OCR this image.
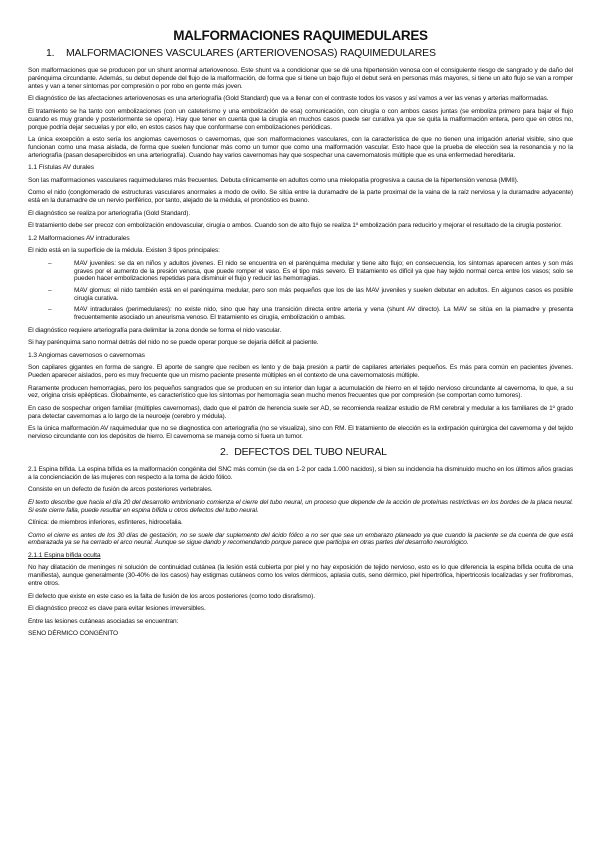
MALFORMACIONES RAQUIMEDULARES
1. MALFORMACIONES VASCULARES (ARTERIOVENOSAS) RAQUIMEDULARES

Son malformaciones que se producen por un shunt anormal arteriovenoso. Este shunt va a condicionar que se dé una hipertensión venosa con el consiguiente riesgo de sangrado y de daño del parénquima circundante. Además, su debut depende del flujo de la malformación, de forma que si tiene un bajo flujo el debut será en personas más mayores, si tiene un alto flujo se van a romper antes y van a tener síntomas por compresión o por robo en gente más joven.

El diagnóstico de las afectaciones arteriovenosas es una arteriografía (Gold Standard) que va a llenar con el contraste todos los vasos y así vamos a ver las venas y arterias malformadas.

El tratamiento se ha tanto con embolizaciones (con un cateterismo y una embolización de esa) comunicación, con cirugía o con ambos casos juntas (se emboliza primero para bajar el flujo cuando es muy grande y posteriormente se opera). Hay que tener en cuenta que la cirugía en muchos casos puede ser curativa ya que se quita la malformación entera, pero que en otros no, porque podría dejar secuelas y por ello, en estos casos hay que conformarse con embolizaciones periódicas.

La única excepción a esto sería los angiomas cavernosos o cavernomas, que son malformaciones vasculares, con la característica de que no tienen una irrigación arterial visible, sino que funcionan como una masa aislada, de forma que suelen funcionar más como un tumor que como una malformación vascular. Esto hace que la prueba de elección sea la resonancia y no la arteriografía (pasan desapercibidos en una arteriografía). Cuando hay varios cavernomas hay que sospechar una cavernomatosis múltiple que es una enfermedad hereditaria.

1.1 Fístulas AV durales

Son las malformaciones vasculares raquimedulares más frecuentes. Debuta clínicamente en adultos como una mielopatía progresiva a causa de la hipertensión venosa (MMII).

Como el nido (conglomerado de estructuras vasculares anormales a modo de ovillo. Se sitúa entre la duramadre de la parte proximal de la vaina de la raíz nerviosa y la duramadre adyacente) está en la duramadre de un nervio periférico, por tanto, alejado de la médula, el pronóstico es bueno.

El diagnóstico se realiza por arteriografía (Gold Standard).

El tratamiento debe ser precoz con embolización endovascular, cirugía o ambos. Cuando son de alto flujo se realiza 1º embolización para reducirlo y mejorar el resultado de la cirugía posterior.

1.2 Malformaciones AV intradurales

El nido está en la superficie de la médula. Existen 3 tipos principales:

–	MAV juveniles: se da en niños y adultos jóvenes. El nido se encuentra en el parénquima medular y tiene alto flujo; en consecuencia, los síntomas aparecen antes y son más graves por el aumento de la presión venosa, que puede romper el vaso. Es el tipo más severo. El tratamiento es difícil ya que hay tejido normal cerca entre los vasos; solo se pueden hacer embolizaciones repetidas para disminuir el flujo y reducir las hemorragias.
–	MAV glomus: el nido también está en el parénquima medular, pero son más pequeños que los de las MAV juveniles y suelen debutar en adultos. En algunos casos es posible cirugía curativa.
–	MAV intradurales (perimedulares): no existe nido, sino que hay una transición directa entre arteria y vena (shunt AV directo). La MAV se sitúa en la piamadre y presenta frecuentemente asociado un aneurisma venoso. El tratamiento es cirugía, embolización o ambas.

El diagnóstico requiere arteriografía para delimitar la zona donde se forma el nido vascular.

Si hay parénquima sano normal detrás del nido no se puede operar porque se dejaría déficit al paciente.

1.3 Angiomas cavernosos o cavernomas

Son capilares gigantes en forma de sangre. El aporte de sangre que reciben es lento y de baja presión a partir de capilares arteriales pequeños. Es más para común en pacientes jóvenes. Pueden aparecer aislados, pero es muy frecuente que un mismo paciente presente múltiples en el contexto de una cavernomatosis múltiple.

Raramente producen hemorragias, pero los pequeños sangrados que se producen en su interior dan lugar a acumulación de hierro en el tejido nervioso circundante al cavernoma, lo que, a su vez, origina crisis epilépticas. Globalmente, es característico que los síntomas por hemorragia sean mucho menos frecuentes que por compresión (se comportan como tumores).

En caso de sospechar origen familiar (múltiples cavernomas), dado que el patrón de herencia suele ser AD, se recomienda realizar estudio de RM cerebral y medular a los familiares de 1º grado para detectar cavernomas a lo largo de la neuroeje (cerebro y médula).

Es la única malformación AV raquimedular que no se diagnostica con arteriografía (no se visualiza), sino con RM. El tratamiento de elección es la extirpación quirúrgica del cavernoma y del tejido nervioso circundante con los depósitos de hierro. El cavernoma se maneja como si fuera un tumor.

2. DEFECTOS DEL TUBO NEURAL

2.1 Espina bífida. La espina bífida es la malformación congénita del SNC más común (se da en 1-2 por cada 1.000 nacidos), si bien su incidencia ha disminuido mucho en los últimos años gracias a la concienciación de las mujeres con respecto a la toma de ácido fólico.

Consiste en un defecto de fusión de arcos posteriores vertebrales.

El texto describe que hacia el día 20 del desarrollo embrionario comienza el cierre del tubo neural, un proceso que depende de la acción de proteínas restrictivas en los bordes de la placa neural. Si este cierre falla, puede resultar en espina bífida u otros defectos del tubo neural.

Clínica: de miembros inferiores, esfínteres, hidrocefalia.

Como el cierre es antes de los 30 días de gestación, no se suele dar suplemento del ácido fólico a no ser que sea un embarazo planeado ya que cuando la paciente se da cuenta de que está embarazada ya se ha cerrado el arco neural. Aunque se sigue dando y recomendando porque parece que participa en otras partes del desarrollo neurológico.

2.1.1 Espina bífida oculta

No hay dilatación de meninges ni solución de continuidad cutánea (la lesión está cubierta por piel y no hay exposición de tejido nervioso, esto es lo que diferencia la espina bífida oculta de una manifiesta), aunque generalmente (30-40% de los casos) hay estigmas cutáneos como los velos dérmicos, aplasia cutis, seno dérmico, piel hipertrófica, hipertricosis localizadas y ser frofibromas, entre otros.

El defecto que existe en este caso es la falta de fusión de los arcos posteriores (como todo disrafismo).

El diagnóstico precoz es clave para evitar lesiones irreversibles.

Entre las lesiones cutáneas asociadas se encuentran:

SENO DÉRMICO CONGÉNITO
